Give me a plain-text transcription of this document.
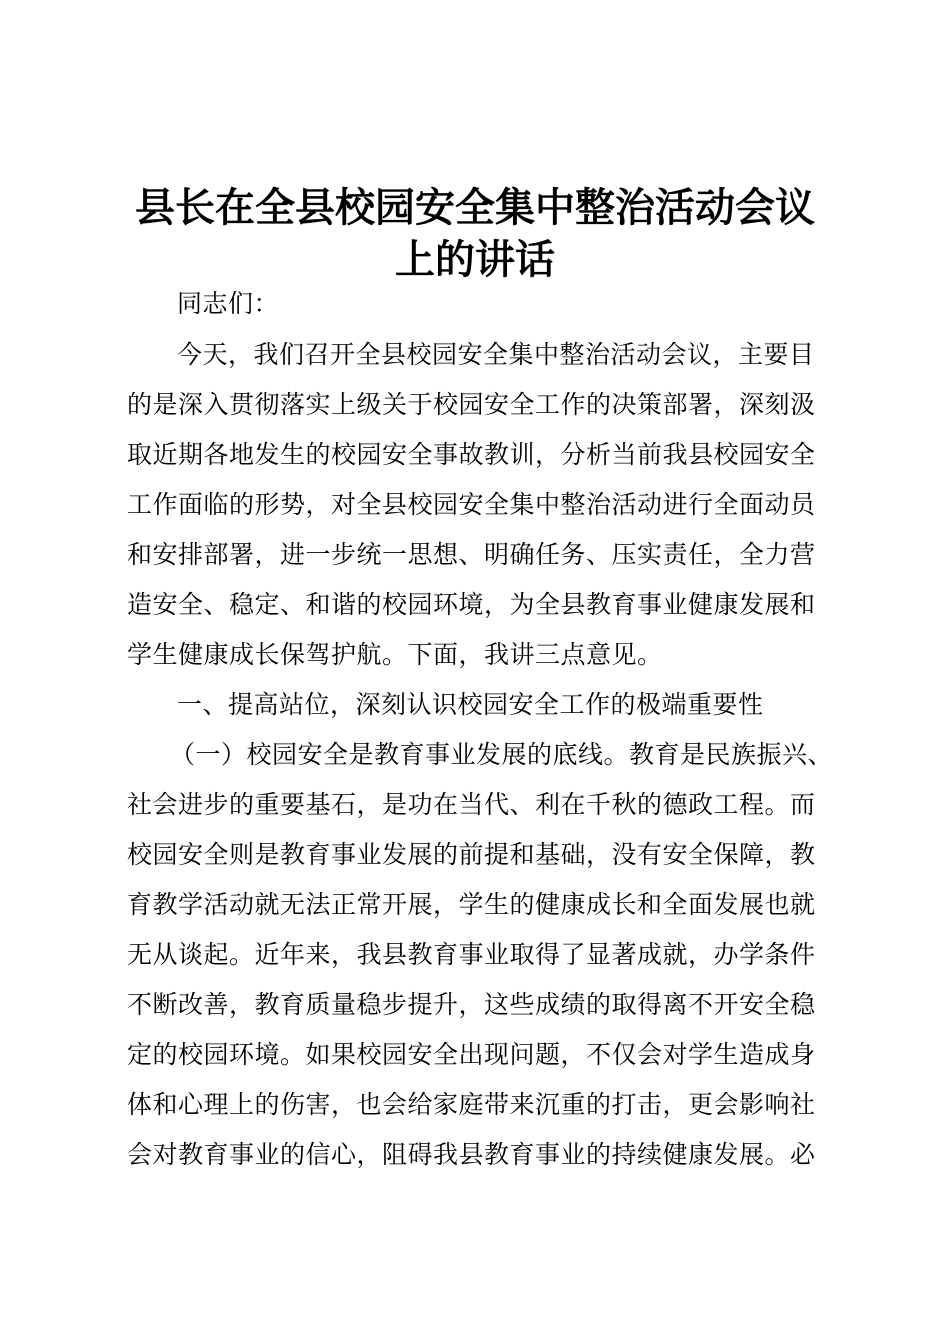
县长在全县校园安全集中整治活动会议
上的讲话
同志们：
今天，我们召开全县校园安全集中整治活动会议，主要目
的是深入贯彻落实上级关于校园安全工作的决策部署，深刻汲
取近期各地发生的校园安全事故教训，分析当前我县校园安全
工作面临的形势，对全县校园安全集中整治活动进行全面动员
和安排部署，进一步统一思想、明确任务、压实责任，全力营
造安全、稳定、和谐的校园环境，为全县教育事业健康发展和
学生健康成长保驾护航。下面，我讲三点意见。
一、提高站位，深刻认识校园安全工作的极端重要性
（一）校园安全是教育事业发展的底线。教育是民族振兴、
社会进步的重要基石，是功在当代、利在千秋的德政工程。而
校园安全则是教育事业发展的前提和基础，没有安全保障，教
育教学活动就无法正常开展，学生的健康成长和全面发展也就
无从谈起。近年来，我县教育事业取得了显著成就，办学条件
不断改善，教育质量稳步提升，这些成绩的取得离不开安全稳
定的校园环境。如果校园安全出现问题，不仅会对学生造成身
体和心理上的伤害，也会给家庭带来沉重的打击，更会影响社
会对教育事业的信心，阻碍我县教育事业的持续健康发展。必
